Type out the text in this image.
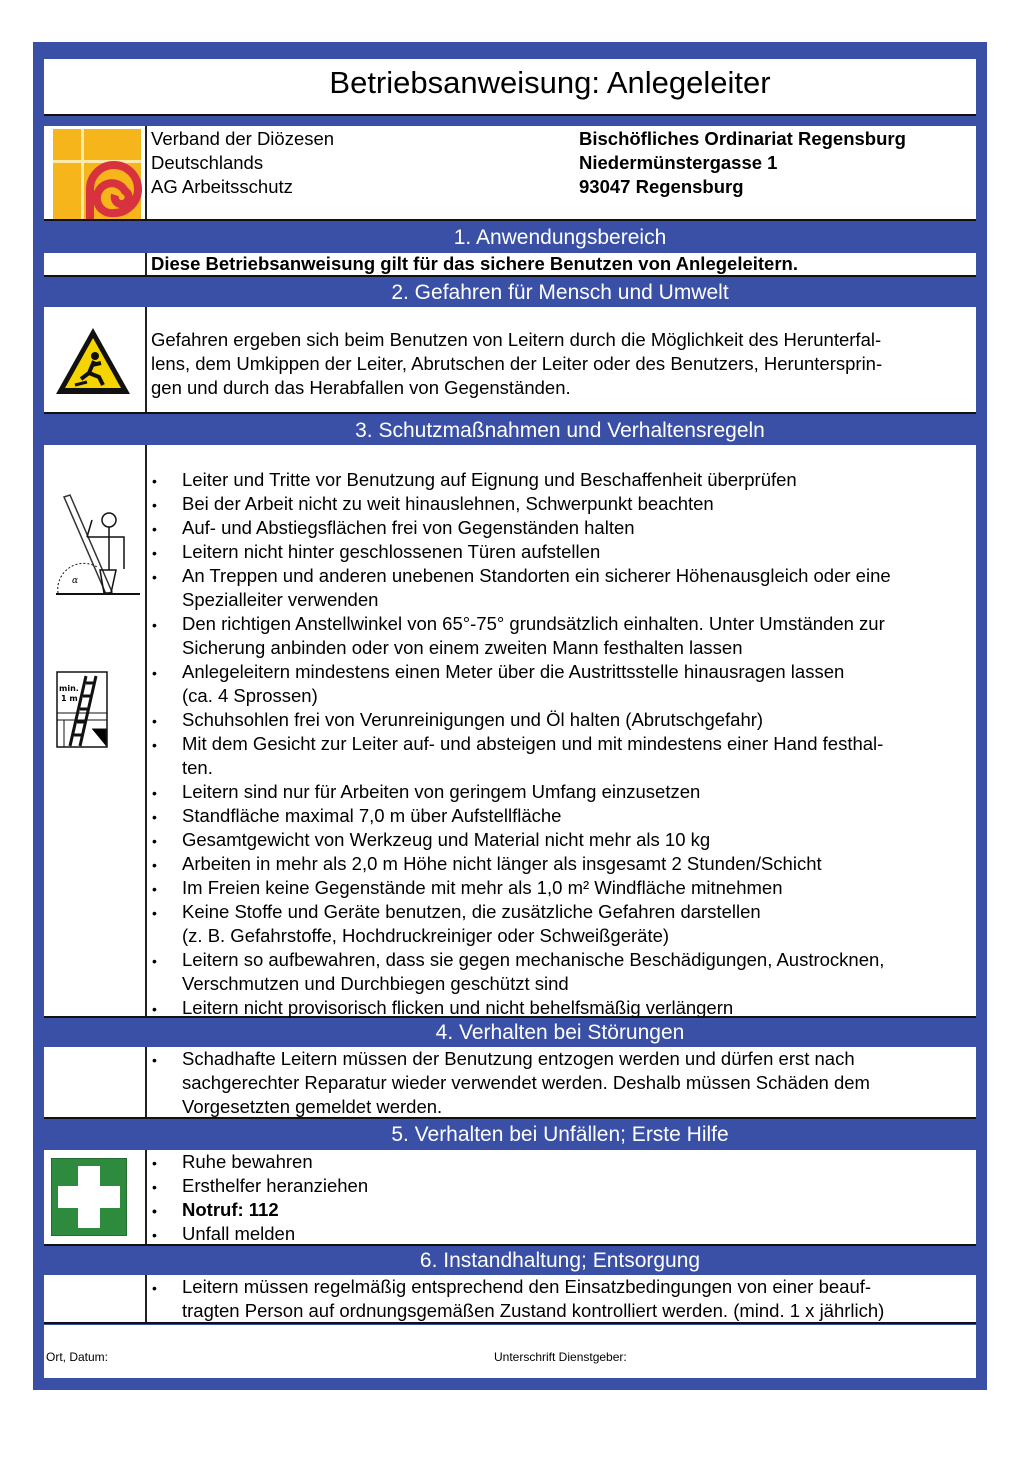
Betriebsanweisung: Anlegeleiter
Verband der Diözesen
Deutschlands
AG Arbeitsschutz
Bischöfliches Ordinariat Regensburg
Niedermünstergasse 1
93047 Regensburg
1. Anwendungsbereich
2. Gefahren für Mensch und Umwelt
3. Schutzmaßnahmen und Verhaltensregeln
4. Verhalten bei Störungen
5. Verhalten bei Unfällen; Erste Hilfe
6. Instandhaltung; Entsorgung
Diese Betriebsanweisung gilt für das sichere Benutzen von Anlegeleitern.
Gefahren ergeben sich beim Benutzen von Leitern durch die Möglichkeit des Herunterfal-
lens, dem Umkippen der Leiter, Abrutschen der Leiter oder des Benutzers, Heruntersprin-
gen und durch das Herabfallen von Gegenständen.
α
min.
1 m
• Leiter und Tritte vor Benutzung auf Eignung und Beschaffenheit überprüfen
• Bei der Arbeit nicht zu weit hinauslehnen, Schwerpunkt beachten
• Auf- und Abstiegsflächen frei von Gegenständen halten
• Leitern nicht hinter geschlossenen Türen aufstellen
• An Treppen und anderen unebenen Standorten ein sicherer Höhenausgleich oder eine
Spezialleiter verwenden
• Den richtigen Anstellwinkel von 65°-75° grundsätzlich einhalten. Unter Umständen zur
Sicherung anbinden oder von einem zweiten Mann festhalten lassen
• Anlegeleitern mindestens einen Meter über die Austrittsstelle hinausragen lassen
(ca. 4 Sprossen)
• Schuhsohlen frei von Verunreinigungen und Öl halten (Abrutschgefahr)
• Mit dem Gesicht zur Leiter auf- und absteigen und mit mindestens einer Hand festhal-
ten.
• Leitern sind nur für Arbeiten von geringem Umfang einzusetzen
• Standfläche maximal 7,0 m über Aufstellfläche
• Gesamtgewicht von Werkzeug und Material nicht mehr als 10 kg
• Arbeiten in mehr als 2,0 m Höhe nicht länger als insgesamt 2 Stunden/Schicht
• Im Freien keine Gegenstände mit mehr als 1,0 m² Windfläche mitnehmen
• Keine Stoffe und Geräte benutzen, die zusätzliche Gefahren darstellen
(z. B. Gefahrstoffe, Hochdruckreiniger oder Schweißgeräte)
• Leitern so aufbewahren, dass sie gegen mechanische Beschädigungen, Austrocknen,
Verschmutzen und Durchbiegen geschützt sind
• Leitern nicht provisorisch flicken und nicht behelfsmäßig verlängern
• Schadhafte Leitern müssen der Benutzung entzogen werden und dürfen erst nach
sachgerechter Reparatur wieder verwendet werden. Deshalb müssen Schäden dem
Vorgesetzten gemeldet werden.
• Ruhe bewahren
• Ersthelfer heranziehen
• Notruf: 112
• Unfall melden
• Leitern müssen regelmäßig entsprechend den Einsatzbedingungen von einer beauf-
tragten Person auf ordnungsgemäßen Zustand kontrolliert werden. (mind. 1 x jährlich)
Ort, Datum:	Unterschrift Dienstgeber:
